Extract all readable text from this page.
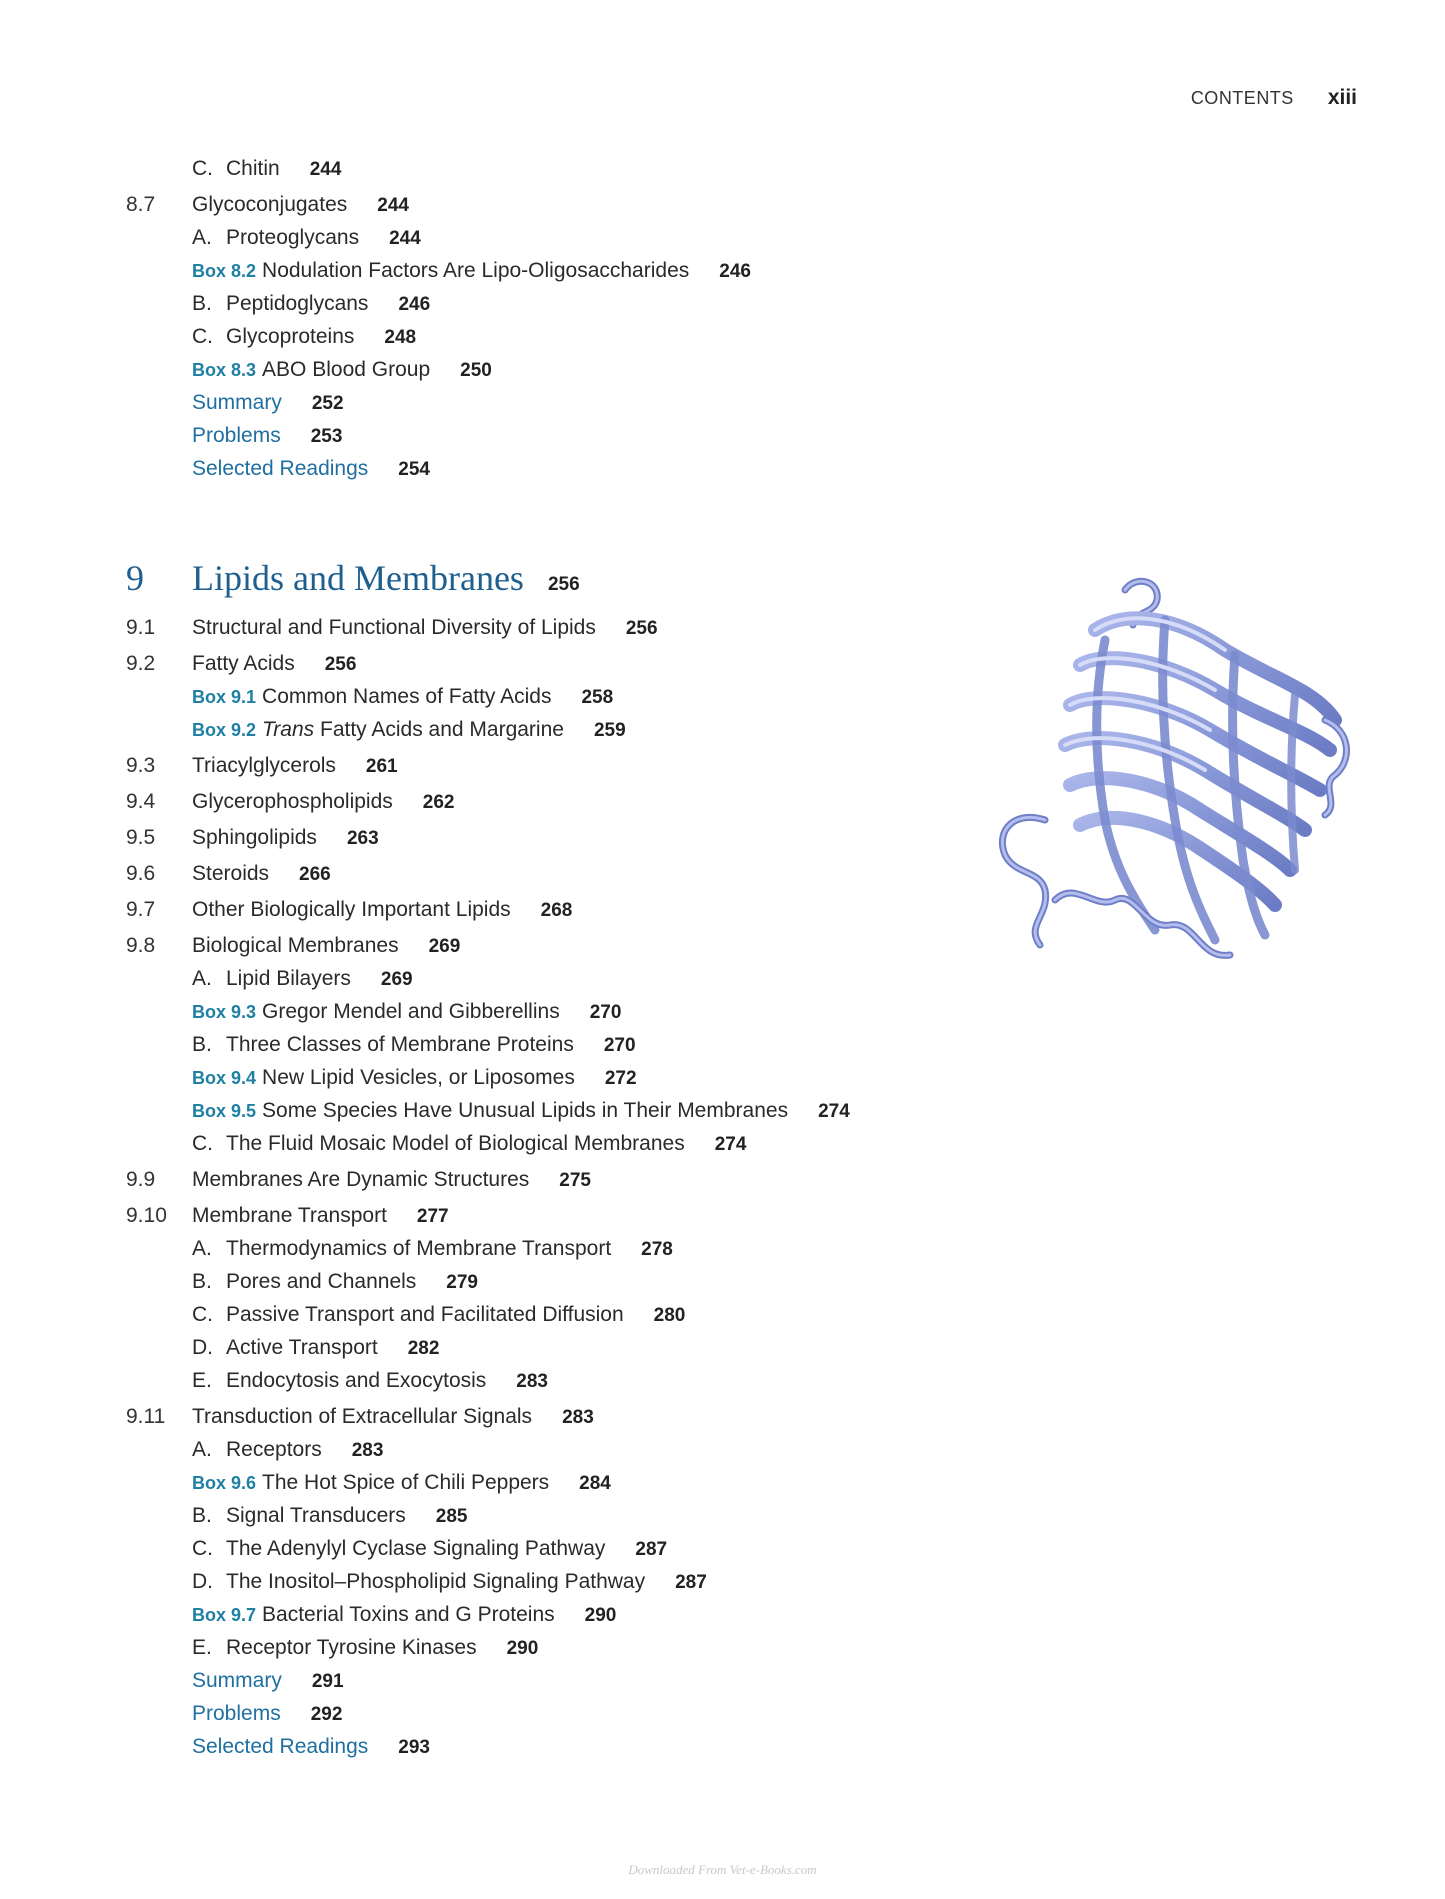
CONTENTS xiii
C. Chitin 244
8.7 Glycoconjugates 244
A. Proteoglycans 244
Box 8.2 Nodulation Factors Are Lipo-Oligosaccharides 246
B. Peptidoglycans 246
C. Glycoproteins 248
Box 8.3 ABO Blood Group 250
Summary 252
Problems 253
Selected Readings 254
9 Lipids and Membranes 256
9.1 Structural and Functional Diversity of Lipids 256
9.2 Fatty Acids 256
Box 9.1 Common Names of Fatty Acids 258
Box 9.2 Trans Fatty Acids and Margarine 259
9.3 Triacylglycerols 261
9.4 Glycerophospholipids 262
9.5 Sphingolipids 263
9.6 Steroids 266
9.7 Other Biologically Important Lipids 268
9.8 Biological Membranes 269
A. Lipid Bilayers 269
Box 9.3 Gregor Mendel and Gibberellins 270
B. Three Classes of Membrane Proteins 270
Box 9.4 New Lipid Vesicles, or Liposomes 272
Box 9.5 Some Species Have Unusual Lipids in Their Membranes 274
C. The Fluid Mosaic Model of Biological Membranes 274
9.9 Membranes Are Dynamic Structures 275
9.10 Membrane Transport 277
A. Thermodynamics of Membrane Transport 278
B. Pores and Channels 279
C. Passive Transport and Facilitated Diffusion 280
D. Active Transport 282
E. Endocytosis and Exocytosis 283
9.11 Transduction of Extracellular Signals 283
A. Receptors 283
Box 9.6 The Hot Spice of Chili Peppers 284
B. Signal Transducers 285
C. The Adenylyl Cyclase Signaling Pathway 287
D. The Inositol–Phospholipid Signaling Pathway 287
Box 9.7 Bacterial Toxins and G Proteins 290
E. Receptor Tyrosine Kinases 290
Summary 291
Problems 292
Selected Readings 293
Downloaded From Vet-e-Books.com
